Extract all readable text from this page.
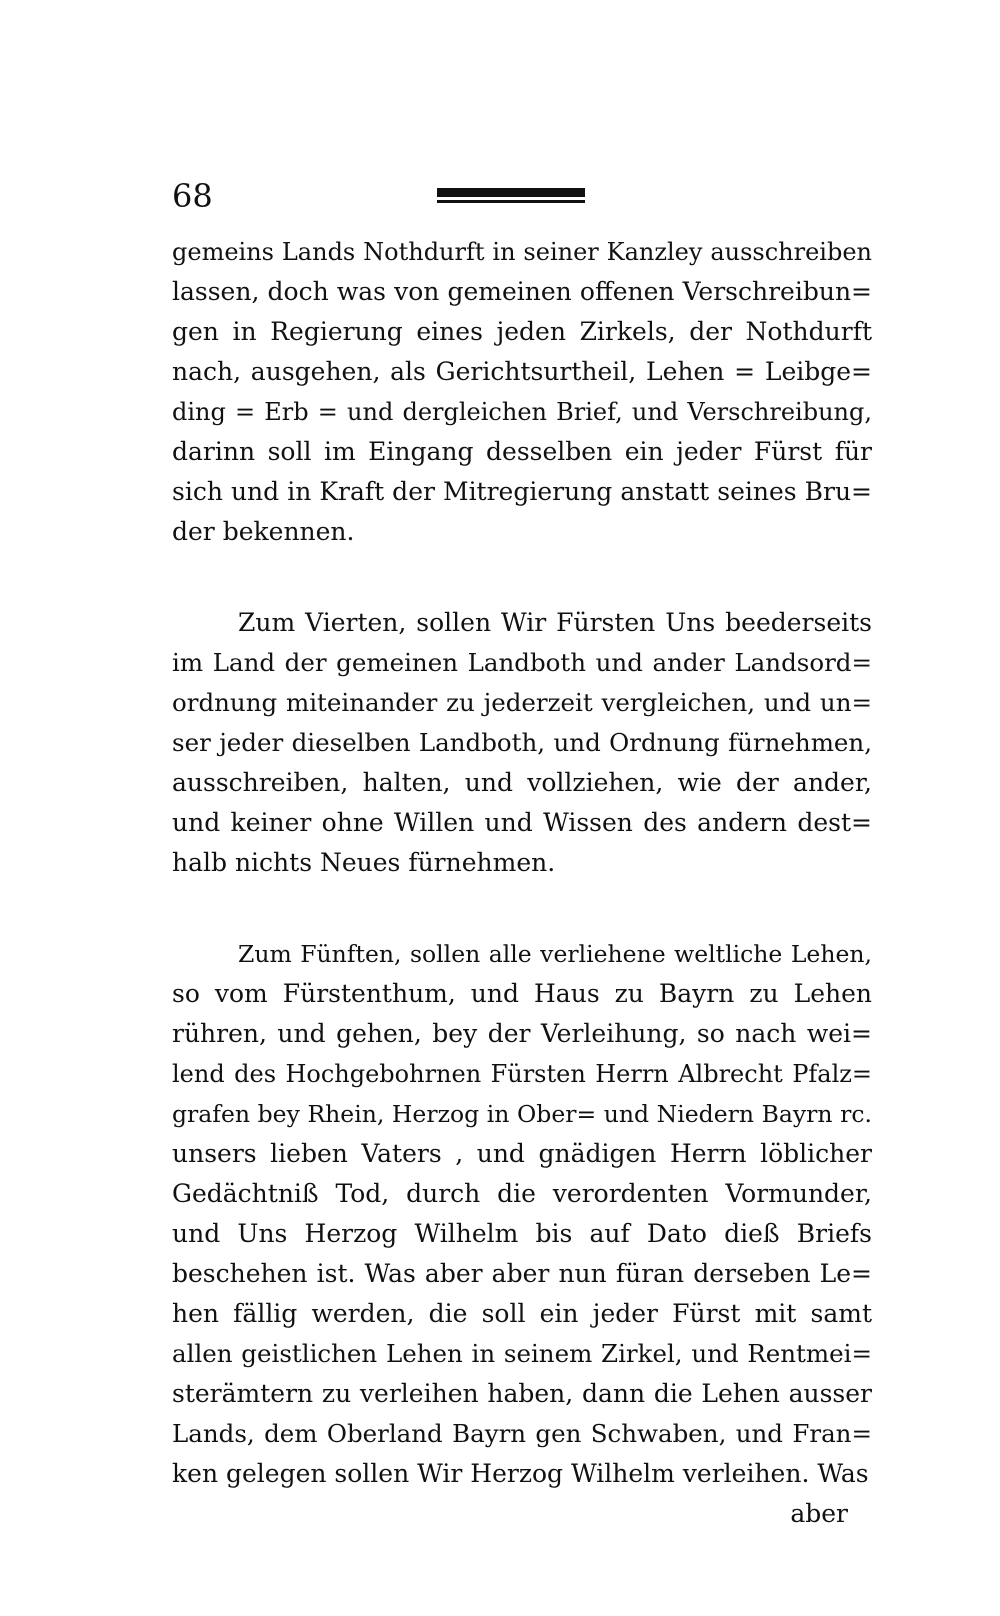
68
gemeins Lands Nothdurft in seiner Kanzley ausschreiben
lassen, doch was von gemeinen offenen Verschreibun=
gen in Regierung eines jeden Zirkels, der Nothdurft
nach, ausgehen, als Gerichtsurtheil, Lehen = Leibge=
ding = Erb = und dergleichen Brief, und Verschreibung,
darinn soll im Eingang desselben ein jeder Fürst für
sich und in Kraft der Mitregierung anstatt seines Bru=
der bekennen.
Zum Vierten, sollen Wir Fürsten Uns beederseits
im Land der gemeinen Landboth und ander Landsord=
ordnung miteinander zu jederzeit vergleichen, und un=
ser jeder dieselben Landboth, und Ordnung fürnehmen,
ausschreiben, halten, und vollziehen, wie der ander,
und keiner ohne Willen und Wissen des andern dest=
halb nichts Neues fürnehmen.
Zum Fünften, sollen alle verliehene weltliche Lehen,
so vom Fürstenthum, und Haus zu Bayrn zu Lehen
rühren, und gehen, bey der Verleihung, so nach wei=
lend des Hochgebohrnen Fürsten Herrn Albrecht Pfalz=
grafen bey Rhein, Herzog in Ober= und Niedern Bayrn rc.
unsers lieben Vaters , und gnädigen Herrn löblicher
Gedächtniß Tod, durch die verordenten Vormunder,
und Uns Herzog Wilhelm bis auf Dato dieß Briefs
beschehen ist. Was aber aber nun füran derseben Le=
hen fällig werden, die soll ein jeder Fürst mit samt
allen geistlichen Lehen in seinem Zirkel, und Rentmei=
sterämtern zu verleihen haben, dann die Lehen ausser
Lands, dem Oberland Bayrn gen Schwaben, und Fran=
ken gelegen sollen Wir Herzog Wilhelm verleihen. Was
aber
